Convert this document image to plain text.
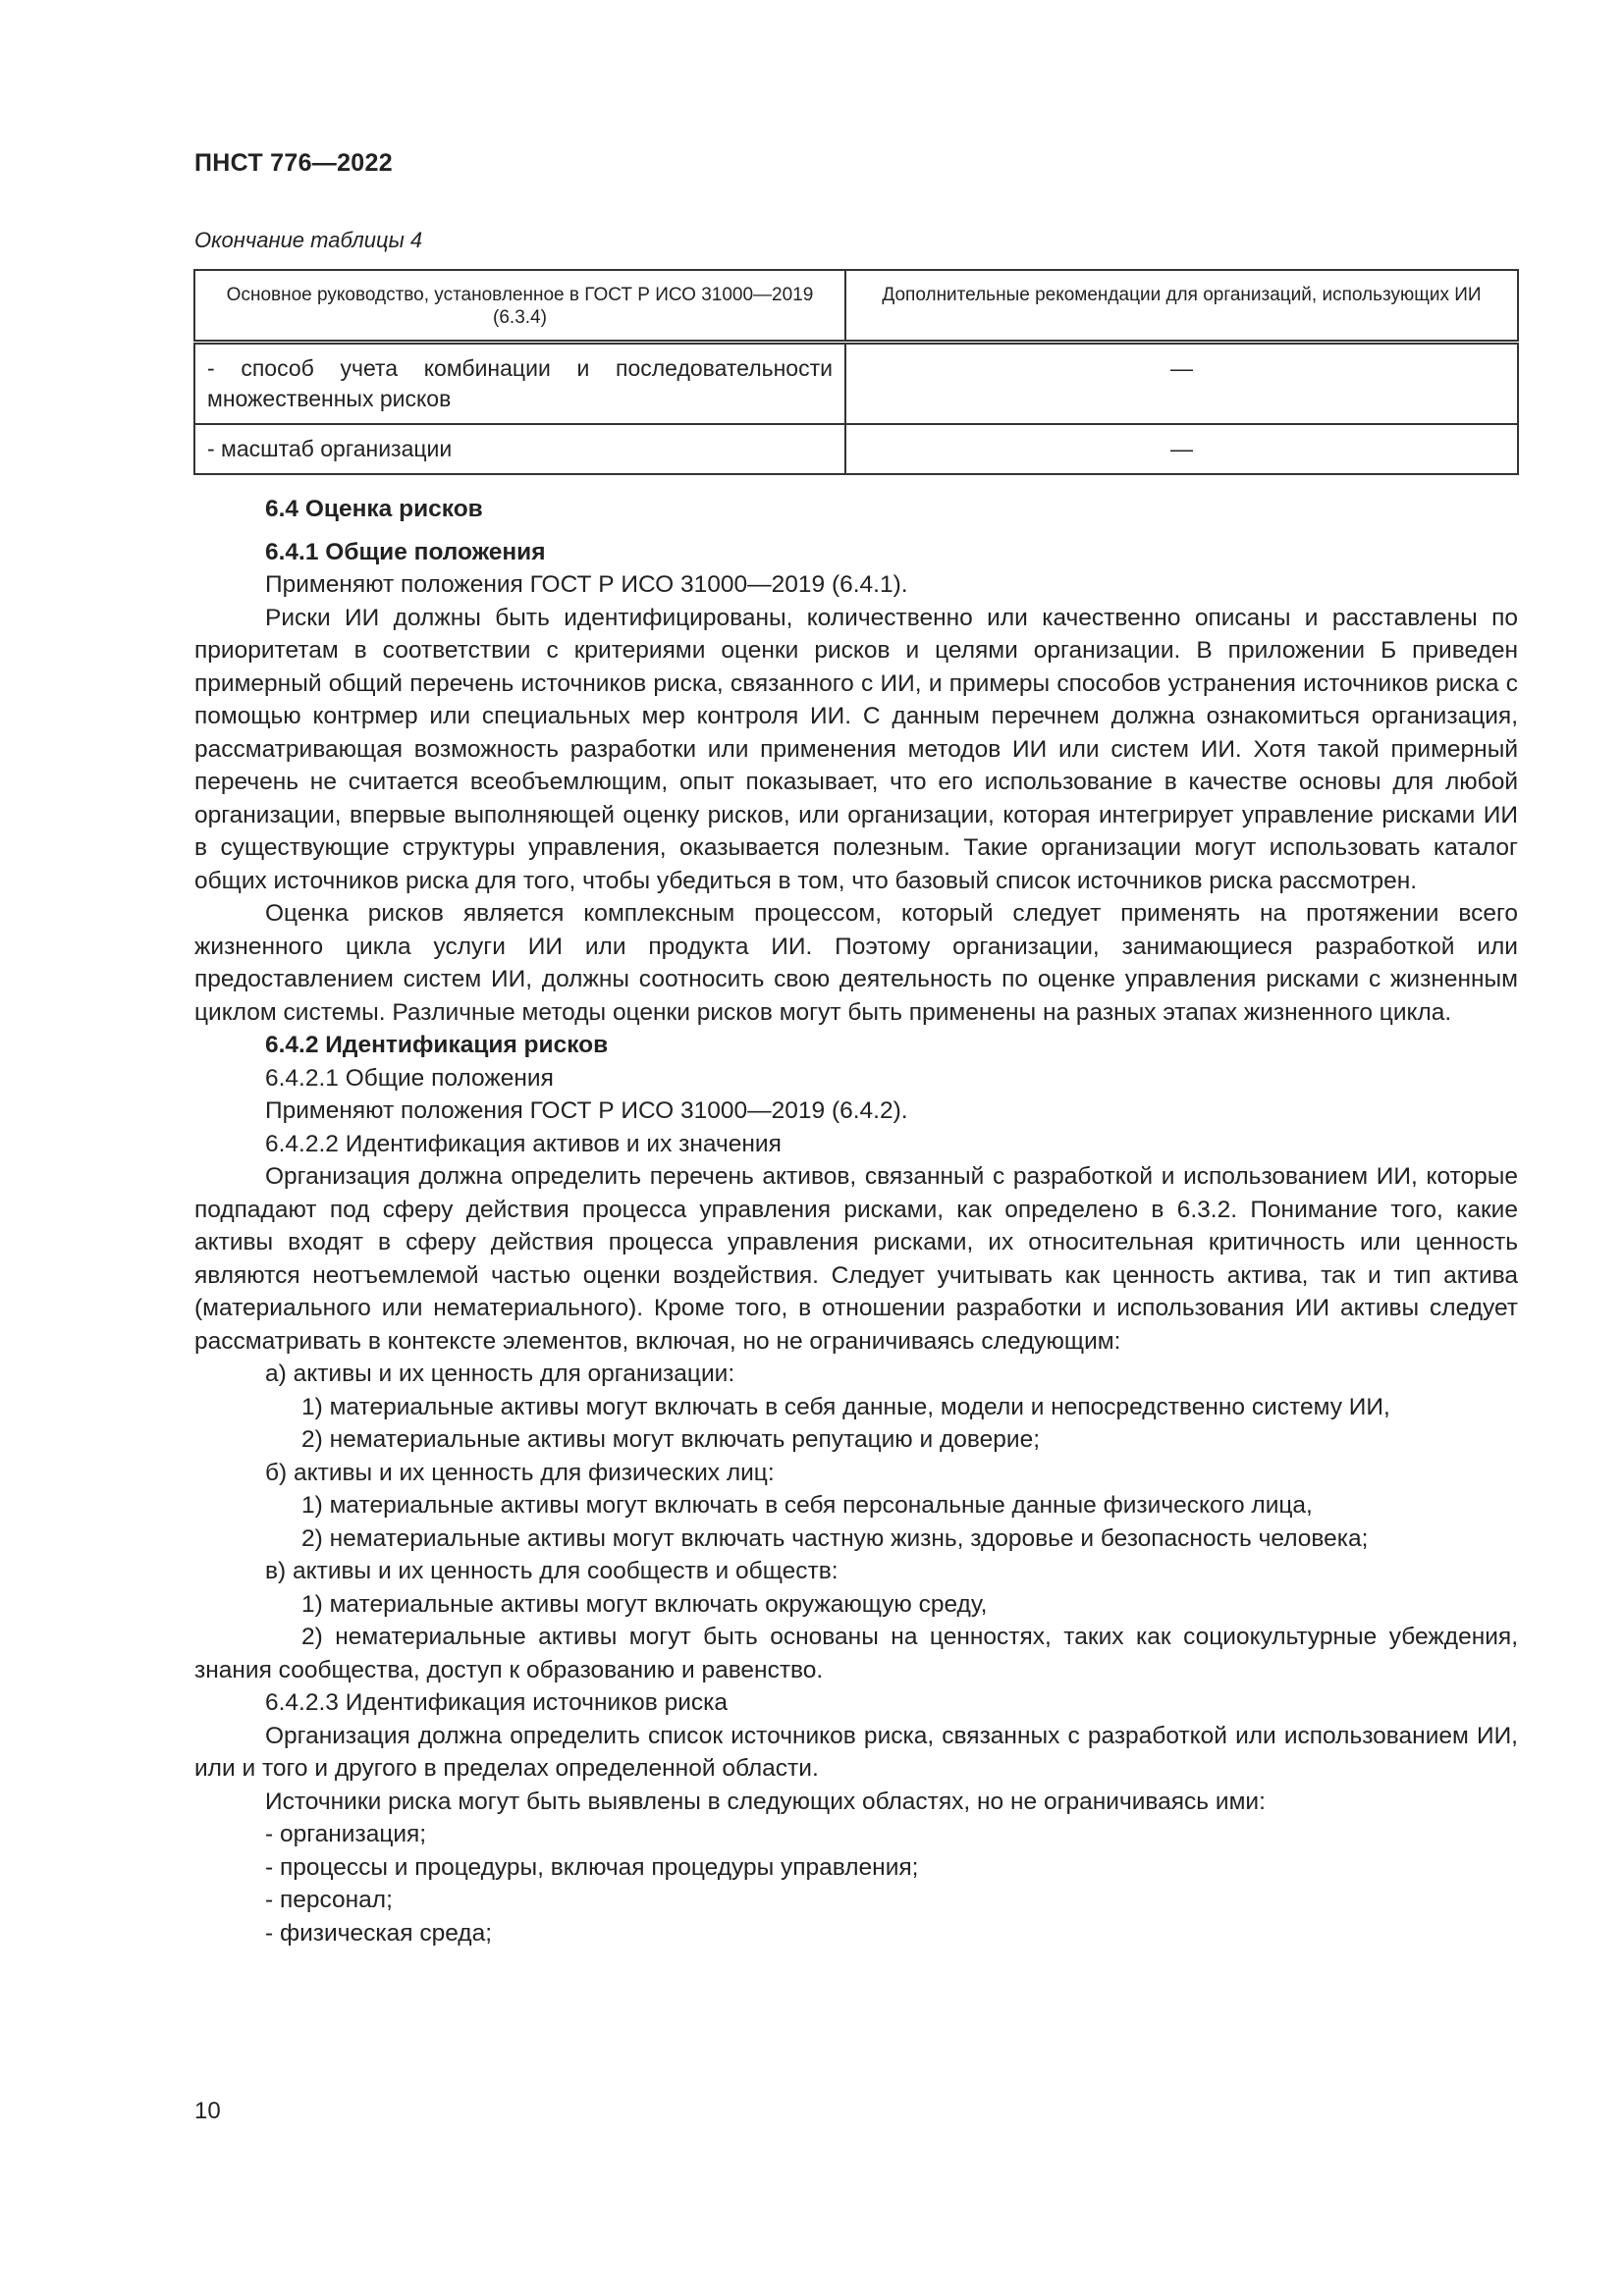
ПНСТ 776—2022
Окончание таблицы 4
Основное руководство, установленное в ГОСТ Р ИСО 31000—2019 (6.3.4)	Дополнительные рекомендации для организаций, использующих ИИ
- способ учета комбинации и последовательности множественных рисков	—
- масштаб организации	—

6.4 Оценка рисков

6.4.1 Общие положения

Применяют положения ГОСТ Р ИСО 31000—2019 (6.4.1).

Риски ИИ должны быть идентифицированы, количественно или качественно описаны и расставлены по приоритетам в соответствии с критериями оценки рисков и целями организации. В приложении Б приведен примерный общий перечень источников риска, связанного с ИИ, и примеры способов устранения источников риска с помощью контрмер или специальных мер контроля ИИ. С данным перечнем должна ознакомиться организация, рассматривающая возможность разработки или применения методов ИИ или систем ИИ. Хотя такой примерный перечень не считается всеобъемлющим, опыт показывает, что его использование в качестве основы для любой организации, впервые выполняющей оценку рисков, или организации, которая интегрирует управление рисками ИИ в существующие структуры управления, оказывается полезным. Такие организации могут использовать каталог общих источников риска для того, чтобы убедиться в том, что базовый список источников риска рассмотрен.

Оценка рисков является комплексным процессом, который следует применять на протяжении всего жизненного цикла услуги ИИ или продукта ИИ. Поэтому организации, занимающиеся разработкой или предоставлением систем ИИ, должны соотносить свою деятельность по оценке управления рисками с жизненным циклом системы. Различные методы оценки рисков могут быть применены на разных этапах жизненного цикла.

6.4.2 Идентификация рисков

6.4.2.1 Общие положения

Применяют положения ГОСТ Р ИСО 31000—2019 (6.4.2).

6.4.2.2 Идентификация активов и их значения

Организация должна определить перечень активов, связанный с разработкой и использованием ИИ, которые подпадают под сферу действия процесса управления рисками, как определено в 6.3.2. Понимание того, какие активы входят в сферу действия процесса управления рисками, их относительная критичность или ценность являются неотъемлемой частью оценки воздействия. Следует учитывать как ценность актива, так и тип актива (материального или нематериального). Кроме того, в отношении разработки и использования ИИ активы следует рассматривать в контексте элементов, включая, но не ограничиваясь следующим:

а) активы и их ценность для организации:

1) материальные активы могут включать в себя данные, модели и непосредственно систему ИИ,

2) нематериальные активы могут включать репутацию и доверие;

б) активы и их ценность для физических лиц:

1) материальные активы могут включать в себя персональные данные физического лица,

2) нематериальные активы могут включать частную жизнь, здоровье и безопасность человека;

в) активы и их ценность для сообществ и обществ:

1) материальные активы могут включать окружающую среду,

2) нематериальные активы могут быть основаны на ценностях, таких как социокультурные убеждения, знания сообщества, доступ к образованию и равенство.

6.4.2.3 Идентификация источников риска

Организация должна определить список источников риска, связанных с разработкой или использованием ИИ, или и того и другого в пределах определенной области.

Источники риска могут быть выявлены в следующих областях, но не ограничиваясь ими:

- организация;

- процессы и процедуры, включая процедуры управления;

- персонал;

- физическая среда;

10
